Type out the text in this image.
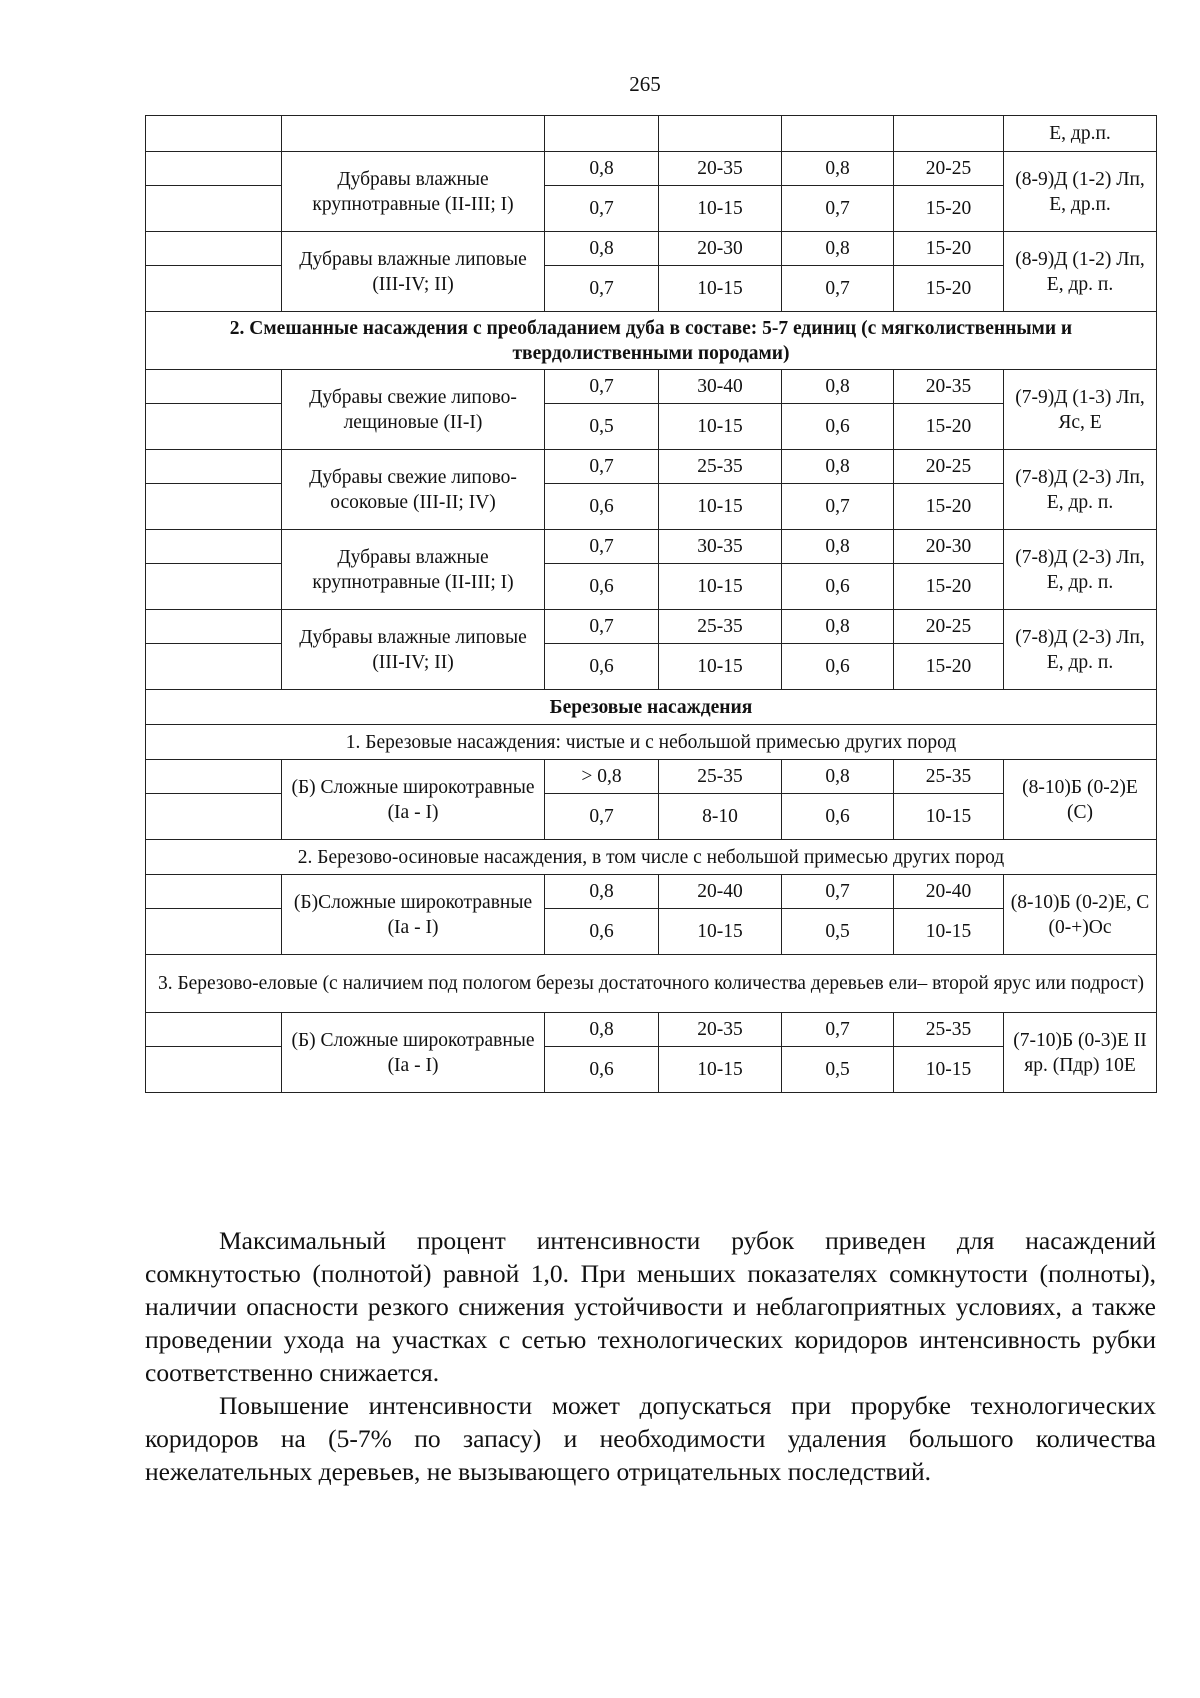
265
						Е, др.п.
	Дубравы влажные крупнотравные (II-III; I)	0,8	20-35	0,8	20-25	(8-9)Д (1-2) Лп, Е, др.п.
		0,7	10-15	0,7	15-20	
	Дубравы влажные липовые (III-IV; II)	0,8	20-30	0,8	15-20	(8-9)Д (1-2) Лп, Е, др. п.
		0,7	10-15	0,7	15-20	
2. Смешанные насаждения с преобладанием дуба в составе: 5-7 единиц (с мягколиственными и твердолиственными породами)						
	Дубравы свежие липово-лещиновые (II-I)	0,7	30-40	0,8	20-35	(7-9)Д (1-3) Лп, Яс, Е
		0,5	10-15	0,6	15-20	
	Дубравы свежие липово-осоковые (III-II; IV)	0,7	25-35	0,8	20-25	(7-8)Д (2-3) Лп, Е, др. п.
		0,6	10-15	0,7	15-20	
	Дубравы влажные крупнотравные (II-III; I)	0,7	30-35	0,8	20-30	(7-8)Д (2-3) Лп, Е, др. п.
		0,6	10-15	0,6	15-20	
	Дубравы влажные липовые (III-IV; II)	0,7	25-35	0,8	20-25	(7-8)Д (2-3) Лп, Е, др. п.
		0,6	10-15	0,6	15-20	
Березовые насаждения						
1. Березовые насаждения: чистые и с небольшой примесью других пород						
	(Б) Сложные широкотравные (Ia - I)	> 0,8	25-35	0,8	25-35	(8-10)Б (0-2)Е (С)
		0,7	8-10	0,6	10-15	
2. Березово-осиновые насаждения, в том числе с небольшой примесью других пород						
	(Б)Сложные широкотравные (Ia - I)	0,8	20-40	0,7	20-40	(8-10)Б (0-2)Е, С (0-+)Ос
		0,6	10-15	0,5	10-15	
3. Березово-еловые (с наличием под пологом березы достаточного количества деревьев ели– второй ярус или подрост)						
	(Б) Сложные широкотравные (Ia - I)	0,8	20-35	0,7	25-35	(7-10)Б (0-3)Е II яр. (Пдр) 10Е
		0,6	10-15	0,5	10-15	

Максимальный процент интенсивности рубок приведен для насаждений сомкнутостью (полнотой) равной 1,0. При меньших показателях сомкнутости (полноты), наличии опасности резкого снижения устойчивости и неблагоприятных условиях, а также проведении ухода на участках с сетью технологических коридоров интенсивность рубки соответственно снижается.

Повышение интенсивности может допускаться при прорубке технологических коридоров на (5-7% по запасу) и необходимости удаления большого количества нежелательных деревьев, не вызывающего отрицательных последствий.
